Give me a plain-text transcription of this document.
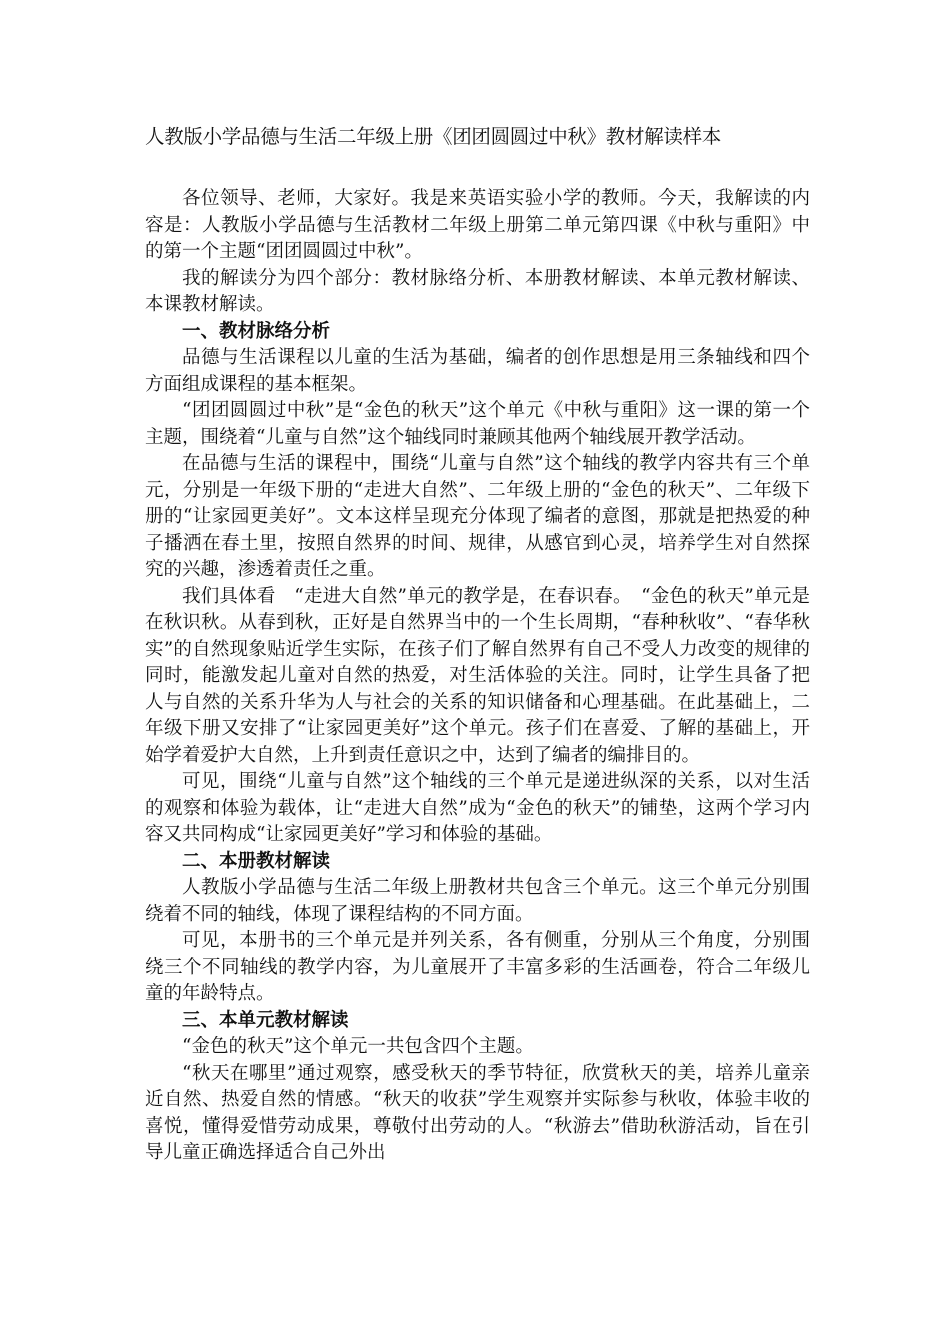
人教版小学品德与生活二年级上册《团团圆圆过中秋》教材解读样本

各位领导、老师，大家好。我是来英语实验小学的教师。今天，我解读的内容是：人教版小学品德与生活教材二年级上册第二单元第四课《中秋与重阳》中的第一个主题“团团圆圆过中秋”。

我的解读分为四个部分：教材脉络分析、本册教材解读、本单元教材解读、本课教材解读。

一、教材脉络分析

品德与生活课程以儿童的生活为基础，编者的创作思想是用三条轴线和四个方面组成课程的基本框架。

“团团圆圆过中秋”是“金色的秋天”这个单元《中秋与重阳》这一课的第一个主题，围绕着“儿童与自然”这个轴线同时兼顾其他两个轴线展开教学活动。

在品德与生活的课程中，围绕“儿童与自然”这个轴线的教学内容共有三个单元，分别是一年级下册的“走进大自然”、二年级上册的“金色的秋天”、二年级下册的“让家园更美好”。文本这样呈现充分体现了编者的意图，那就是把热爱的种子播洒在春土里，按照自然界的时间、规律，从感官到心灵，培养学生对自然探究的兴趣，渗透着责任之重。

我们具体看　“走进大自然”单元的教学是，在春识春。　“金色的秋天”单元是在秋识秋。从春到秋，正好是自然界当中的一个生长周期，“春种秋收”、“春华秋实”的自然现象贴近学生实际，在孩子们了解自然界有自己不受人力改变的规律的同时，能激发起儿童对自然的热爱，对生活体验的关注。同时，让学生具备了把人与自然的关系升华为人与社会的关系的知识储备和心理基础。在此基础上，二年级下册又安排了“让家园更美好”这个单元。孩子们在喜爱、了解的基础上，开始学着爱护大自然，上升到责任意识之中，达到了编者的编排目的。

可见，围绕“儿童与自然”这个轴线的三个单元是递进纵深的关系，以对生活的观察和体验为载体，让“走进大自然”成为“金色的秋天”的铺垫，这两个学习内容又共同构成“让家园更美好”学习和体验的基础。

二、本册教材解读

人教版小学品德与生活二年级上册教材共包含三个单元。这三个单元分别围绕着不同的轴线，体现了课程结构的不同方面。

可见，本册书的三个单元是并列关系，各有侧重，分别从三个角度，分别围绕三个不同轴线的教学内容，为儿童展开了丰富多彩的生活画卷，符合二年级儿童的年龄特点。

三、本单元教材解读

“金色的秋天”这个单元一共包含四个主题。

“秋天在哪里”通过观察，感受秋天的季节特征，欣赏秋天的美，培养儿童亲近自然、热爱自然的情感。“秋天的收获”学生观察并实际参与秋收，体验丰收的喜悦，懂得爱惜劳动成果，尊敬付出劳动的人。“秋游去”借助秋游活动，旨在引导儿童正确选择适合自己外出
